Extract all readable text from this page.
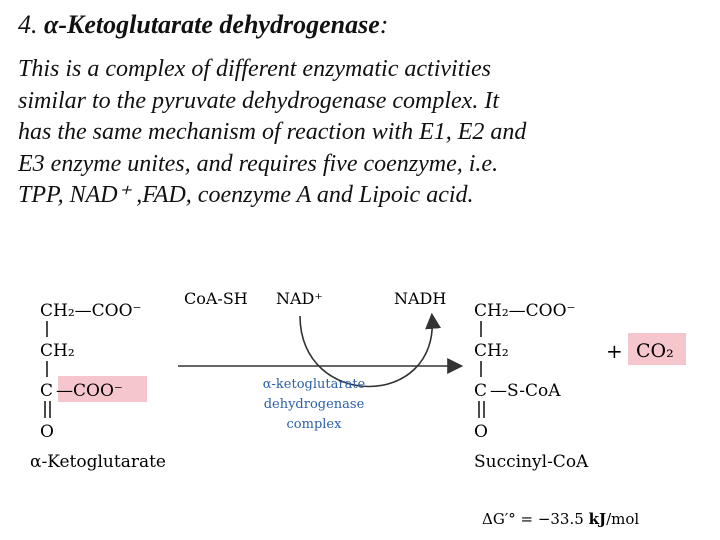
4. α-Ketoglutarate dehydrogenase:
This is a complex of different enzymatic activities
similar to the pyruvate dehydrogenase complex. It
has the same mechanism of reaction with E1, E2 and
E3 enzyme unites, and requires five coenzyme, i.e.
TPP, NAD⁺ ,FAD, coenzyme A and Lipoic acid.
CH₂—COO⁻
CH₂
C —COO⁻
O
α-Ketoglutarate
CoA-SH NAD⁺	NADH
α-ketoglutarate
dehydrogenase
complex
CH₂—COO⁻
CH₂
C —S-CoA
O
Succinyl-CoA
+ CO₂
ΔG′° = −33.5 kJ/mol
